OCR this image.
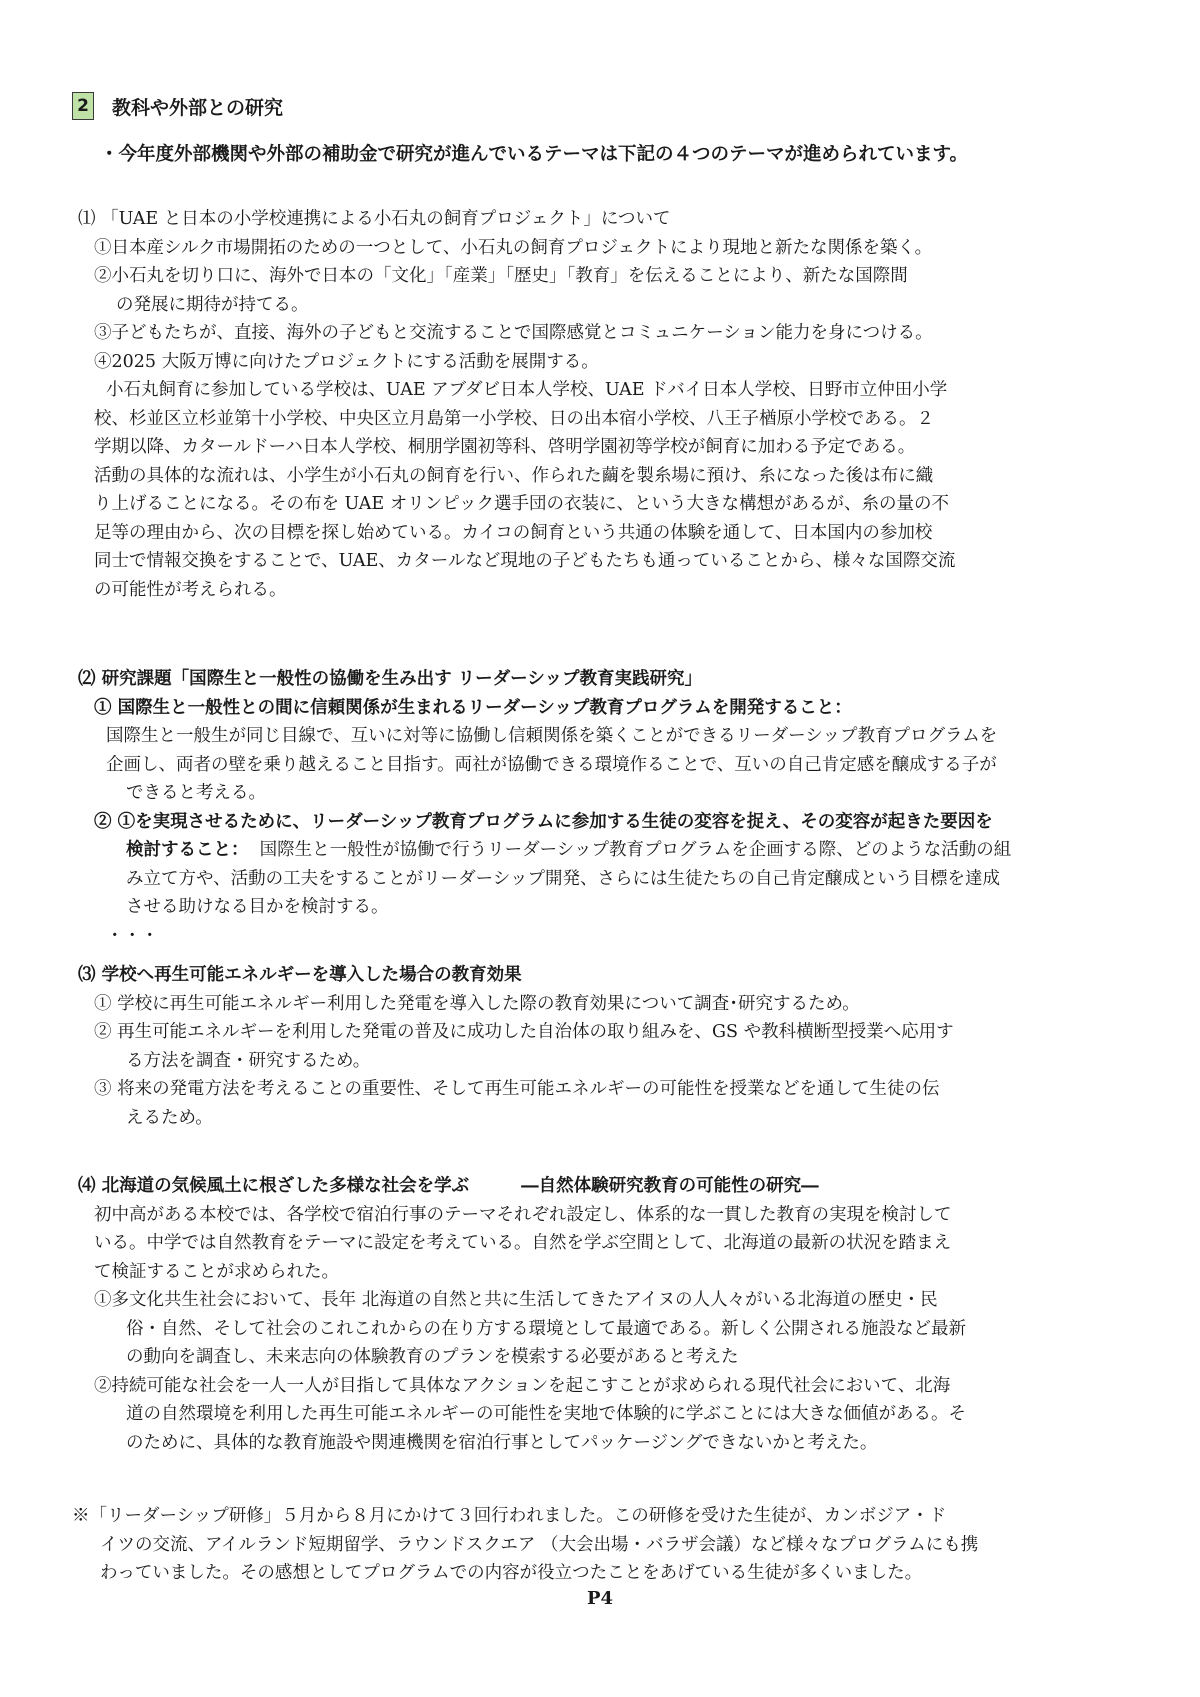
2 教科や外部との研究
・今年度外部機関や外部の補助金で研究が進んでいるテーマは下記の４つのテーマが進められています。
⑴ 「UAE と日本の小学校連携による小石丸の飼育プロジェクト」について
①日本産シルク市場開拓のための一つとして、小石丸の飼育プロジェクトにより現地と新たな関係を築く。
②小石丸を切り口に、海外で日本の「文化」「産業」「歴史」「教育」を伝えることにより、新たな国際間
の発展に期待が持てる。
③子どもたちが、直接、海外の子どもと交流することで国際感覚とコミュニケーション能力を身につける。
④2025 大阪万博に向けたプロジェクトにする活動を展開する。
小石丸飼育に参加している学校は、UAE アブダビ日本人学校、UAE ドバイ日本人学校、日野市立仲田小学
校、杉並区立杉並第十小学校、中央区立月島第一小学校、日の出本宿小学校、八王子楢原小学校である。２
学期以降、カタールドーハ日本人学校、桐朋学園初等科、啓明学園初等学校が飼育に加わる予定である。
活動の具体的な流れは、小学生が小石丸の飼育を行い、作られた繭を製糸場に預け、糸になった後は布に織
り上げることになる。その布を UAE オリンピック選手団の衣装に、という大きな構想があるが、糸の量の不
足等の理由から、次の目標を探し始めている。カイコの飼育という共通の体験を通して、日本国内の参加校
同士で情報交換をすることで、UAE、カタールなど現地の子どもたちも通っていることから、様々な国際交流
の可能性が考えられる。
⑵ 研究課題「国際生と一般性の協働を生み出す リーダーシップ教育実践研究」
① 国際生と一般性との間に信頼関係が生まれるリーダーシップ教育プログラムを開発すること：
国際生と一般生が同じ目線で、互いに対等に協働し信頼関係を築くことができるリーダーシップ教育プログラムを
企画し、両者の壁を乗り越えること目指す。両社が協働できる環境作ることで、互いの自己肯定感を醸成する子が
できると考える。
② ①を実現させるために、リーダーシップ教育プログラムに参加する生徒の変容を捉え、その変容が起きた要因を
検討すること： 国際生と一般性が協働で行うリーダーシップ教育プログラムを企画する際、どのような活動の組
み立て方や、活動の工夫をすることがリーダーシップ開発、さらには生徒たちの自己肯定醸成という目標を達成
させる助けなる目かを検討する。
・・・
⑶ 学校へ再生可能エネルギーを導入した場合の教育効果
① 学校に再生可能エネルギー利用した発電を導入した際の教育効果について調査･研究するため。
② 再生可能エネルギーを利用した発電の普及に成功した自治体の取り組みを、GS や教科横断型授業へ応用す
る方法を調査・研究するため。
③ 将来の発電方法を考えることの重要性、そして再生可能エネルギーの可能性を授業などを通して生徒の伝
えるため。
⑷ 北海道の気候風土に根ざした多様な社会を学ぶ	―自然体験研究教育の可能性の研究―
初中高がある本校では、各学校で宿泊行事のテーマそれぞれ設定し、体系的な一貫した教育の実現を検討して
いる。中学では自然教育をテーマに設定を考えている。自然を学ぶ空間として、北海道の最新の状況を踏まえ
て検証することが求められた。
①多文化共生社会において、長年 北海道の自然と共に生活してきたアイヌの人人々がいる北海道の歴史・民
俗・自然、そして社会のこれこれからの在り方する環境として最適である。新しく公開される施設など最新
の動向を調査し、未来志向の体験教育のプランを模索する必要があると考えた
②持続可能な社会を一人一人が目指して具体なアクションを起こすことが求められる現代社会において、北海
道の自然環境を利用した再生可能エネルギーの可能性を実地で体験的に学ぶことには大きな価値がある。そ
のために、具体的な教育施設や関連機関を宿泊行事としてパッケージングできないかと考えた。
※「リーダーシップ研修」５月から８月にかけて３回行われました。この研修を受けた生徒が、カンボジア・ド
イツの交流、アイルランド短期留学、ラウンドスクエア （大会出場・バラザ会議）など様々なプログラムにも携
わっていました。その感想としてプログラムでの内容が役立つたことをあげている生徒が多くいました。
P4
